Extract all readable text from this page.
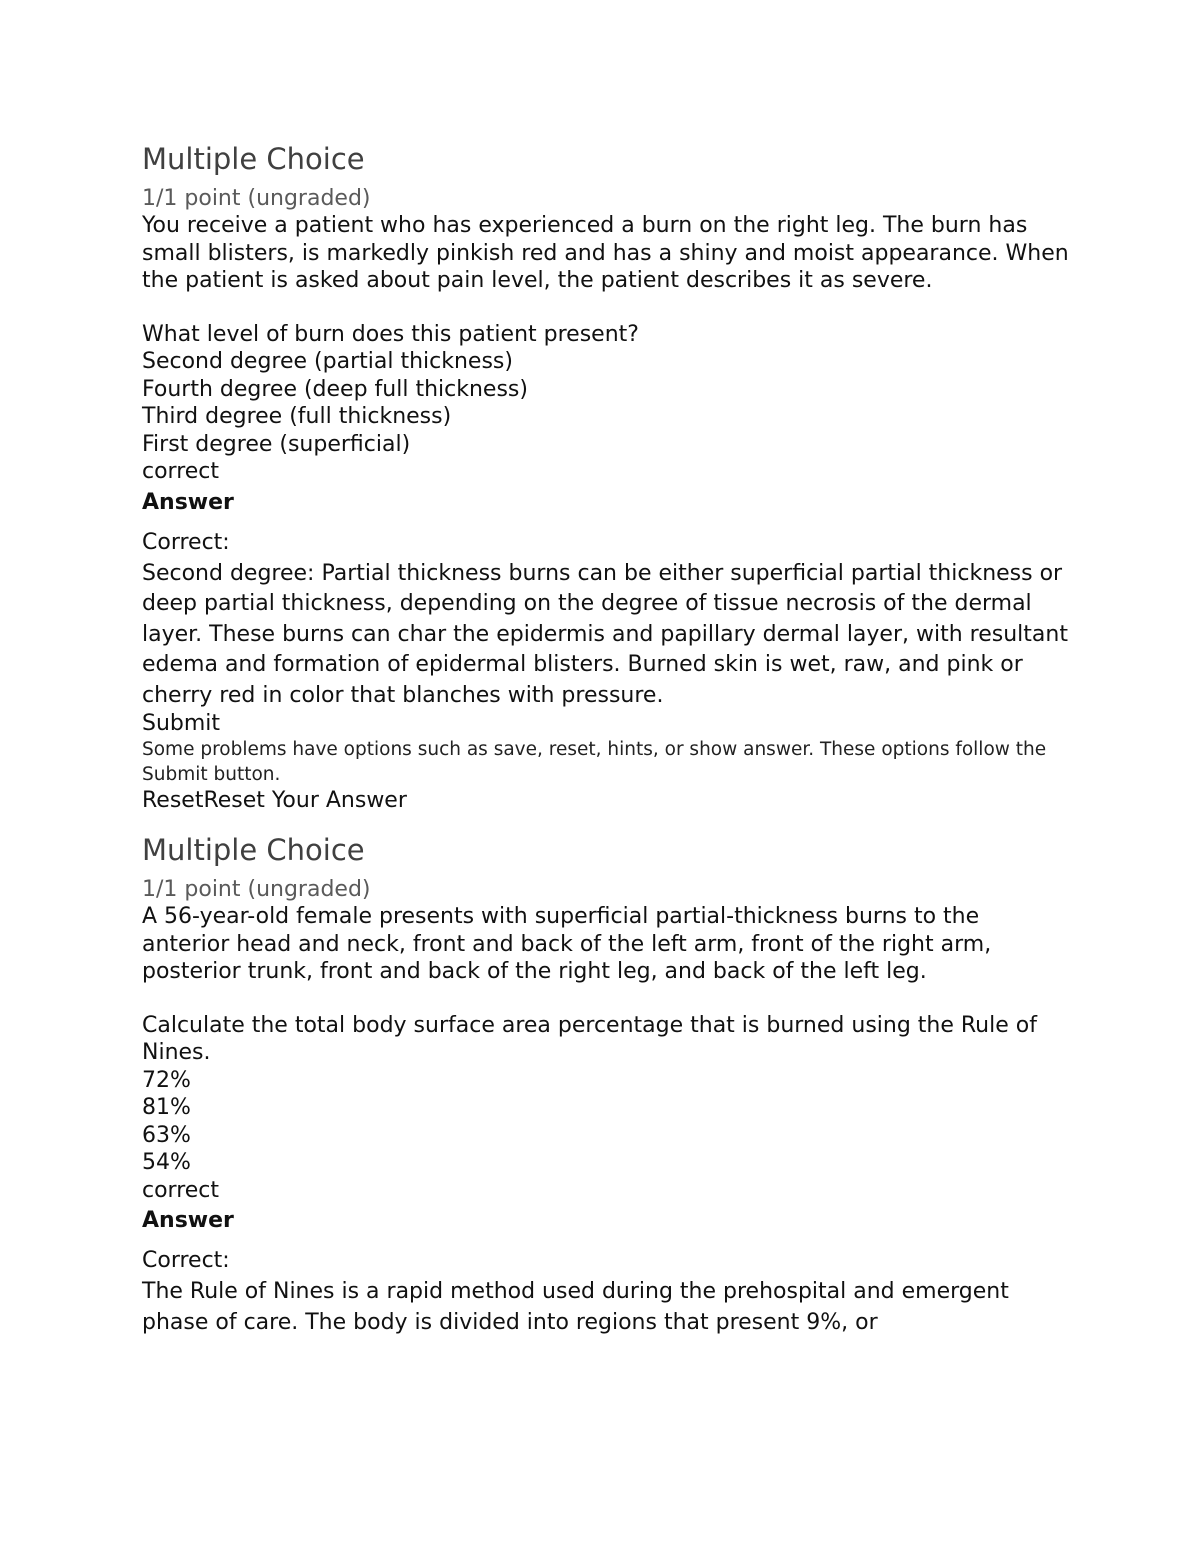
Multiple Choice
1/1 point (ungraded)
You receive a patient who has experienced a burn on the right leg. The burn has small blisters, is markedly pinkish red and has a shiny and moist appearance. When the patient is asked about pain level, the patient describes it as severe.
What level of burn does this patient present?
Second degree (partial thickness)
Fourth degree (deep full thickness)
Third degree (full thickness)
First degree (superficial)
correct
Answer
Correct:
Second degree: Partial thickness burns can be either superficial partial thickness or deep partial thickness, depending on the degree of tissue necrosis of the dermal layer. These burns can char the epidermis and papillary dermal layer, with resultant edema and formation of epidermal blisters. Burned skin is wet, raw, and pink or cherry red in color that blanches with pressure.
Submit
Some problems have options such as save, reset, hints, or show answer. These options follow the Submit button.
ResetReset Your Answer
Multiple Choice
1/1 point (ungraded)
A 56-year-old female presents with superficial partial-thickness burns to the anterior head and neck, front and back of the left arm, front of the right arm, posterior trunk, front and back of the right leg, and back of the left leg.
Calculate the total body surface area percentage that is burned using the Rule of Nines.
72%
81%
63%
54%
correct
Answer
Correct:
The Rule of Nines is a rapid method used during the prehospital and emergent phase of care. The body is divided into regions that present 9%, or
